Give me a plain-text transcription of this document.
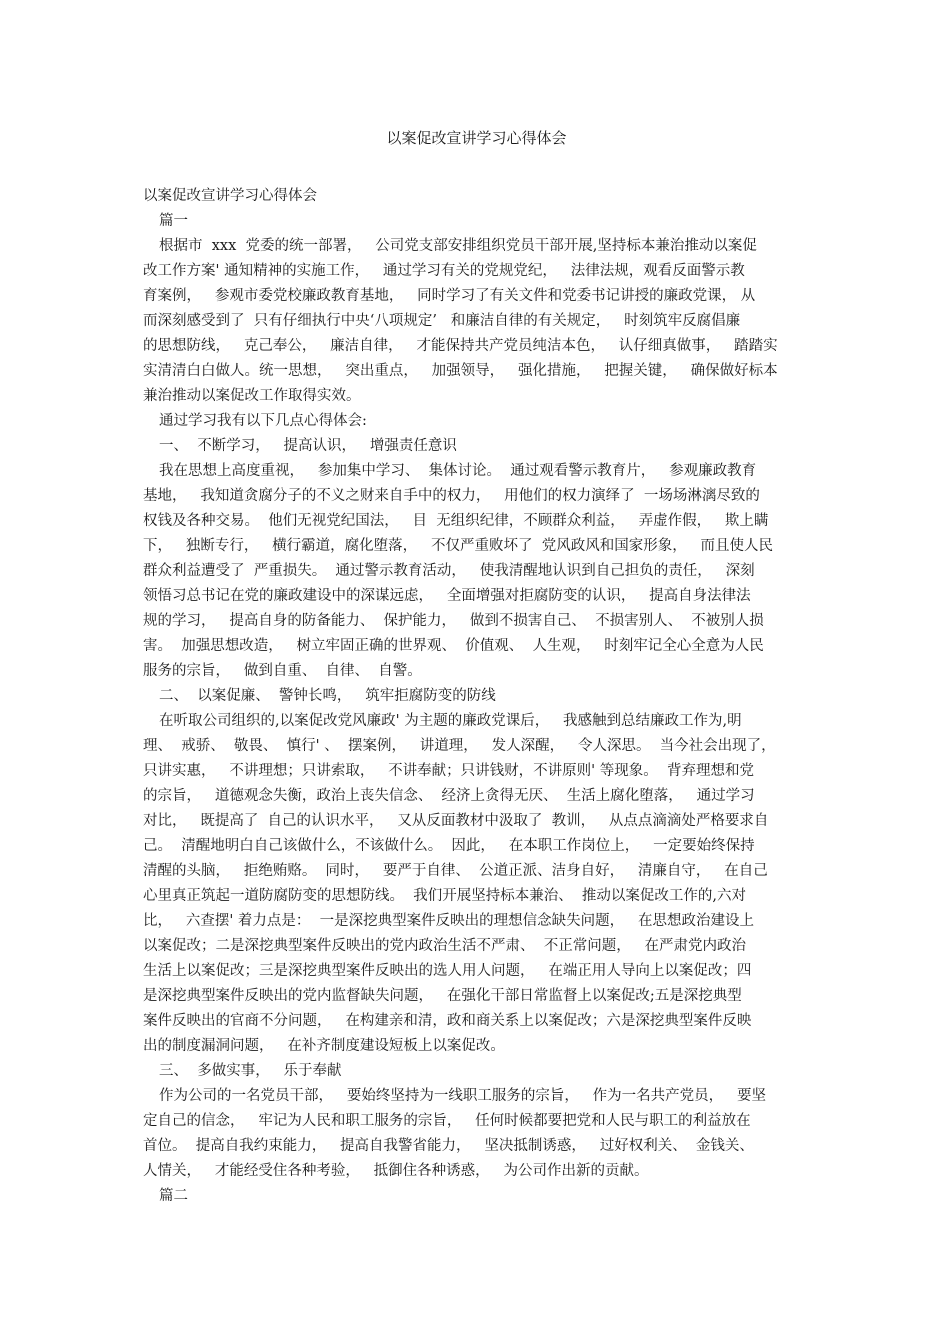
以案促改宣讲学习心得体会

以案促改宣讲学习心得体会

篇一

根据市  xxx  党委的统一部署，   公司党支部安排组织党员干部开展,坚持标本兼治推动以案促

改工作方案' 通知精神的实施工作，   通过学习有关的党规党纪，   法律法规，观看反面警示教

育案例，   参观市委党校廉政教育基地，   同时学习了有关文件和党委书记讲授的廉政党课， 从

而深刻感受到了  只有仔细执行中央‘八项规定’   和廉洁自律的有关规定，   时刻筑牢反腐倡廉

的思想防线，   克己奉公，   廉洁自律，   才能保持共产党员纯洁本色，   认仔细真做事，   踏踏实

实清清白白做人。统一思想，   突出重点，   加强领导，   强化措施，   把握关键，   确保做好标本

兼治推动以案促改工作取得实效。

通过学习我有以下几点心得体会:

一、  不断学习，   提高认识，   增强责任意识

我在思想上高度重视，   参加集中学习、  集体讨论。  通过观看警示教育片，   参观廉政教育

基地，   我知道贪腐分子的不义之财来自手中的权力，   用他们的权力演绎了  一场场淋漓尽致的

权钱及各种交易。  他们无视党纪国法，   目  无组织纪律，不顾群众利益，   弄虚作假，   欺上瞒

下，   独断专行，   横行霸道，腐化堕落，   不仅严重败坏了  党风政风和国家形象，   而且使人民

群众利益遭受了  严重损失。  通过警示教育活动，   使我清醒地认识到自己担负的责任，   深刻

领悟习总书记在党的廉政建设中的深谋远虑，   全面增强对拒腐防变的认识，   提高自身法律法

规的学习，   提高自身的防备能力、  保护能力，   做到不损害自己、  不损害别人、  不被别人损

害。  加强思想改造，   树立牢固正确的世界观、  价值观、  人生观，   时刻牢记全心全意为人民

服务的宗旨，   做到自重、  自律、  自警。

二、  以案促廉、  警钟长鸣，   筑牢拒腐防变的防线

在听取公司组织的,以案促改党风廉政' 为主题的廉政党课后，   我感触到总结廉政工作为,明

理、  戒骄、  敬畏、  慎行' 、  摆案例，   讲道理，   发人深醒，   令人深思。  当今社会出现了，

只讲实惠，   不讲理想；只讲索取，   不讲奉献；只讲钱财，不讲原则' 等现象。  背弃理想和党

的宗旨，   道德观念失衡，政治上丧失信念、  经济上贪得无厌、  生活上腐化堕落，   通过学习

对比，   既提高了  自己的认识水平，   又从反面教材中汲取了  教训，   从点点滴滴处严格要求自

己。  清醒地明白自己该做什么，不该做什么。  因此，   在本职工作岗位上，   一定要始终保持

清醒的头脑，   拒绝贿赂。  同时，   要严于自律、  公道正派、洁身自好，   清廉自守，   在自己

心里真正筑起一道防腐防变的思想防线。  我们开展坚持标本兼治、  推动以案促改工作的,六对

比，   六查摆' 着力点是：  一是深挖典型案件反映出的理想信念缺失问题，   在思想政治建设上

以案促改；二是深挖典型案件反映出的党内政治生活不严肃、  不正常问题，   在严肃党内政治

生活上以案促改；三是深挖典型案件反映出的选人用人问题，   在端正用人导向上以案促改；四

是深挖典型案件反映出的党内监督缺失问题，   在强化干部日常监督上以案促改;五是深挖典型

案件反映出的官商不分问题，   在构建亲和清，政和商关系上以案促改；六是深挖典型案件反映

出的制度漏洞问题，   在补齐制度建设短板上以案促改。

三、  多做实事，   乐于奉献

作为公司的一名党员干部，   要始终坚持为一线职工服务的宗旨，   作为一名共产党员，   要坚

定自己的信念，   牢记为人民和职工服务的宗旨，   任何时候都要把党和人民与职工的利益放在

首位。  提高自我约束能力，   提高自我警省能力，   坚决抵制诱惑，   过好权利关、  金钱关、

人情关，   才能经受住各种考验，   抵御住各种诱惑，   为公司作出新的贡献。

篇二
